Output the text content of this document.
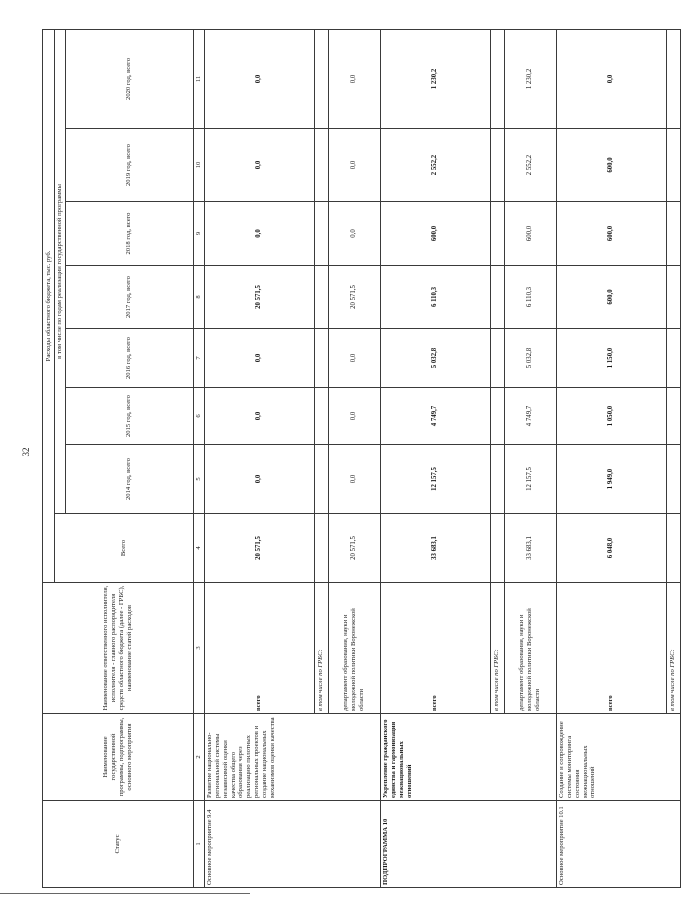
32
Статус	Наименование государственной программы, подпрограммы, основного мероприятия	Наименование ответственного исполнителя, исполнителя - главного распорядителя средств областного бюджета (далее - ГРБС), наименование статей расходов	Расходы областного бюджета, тыс. руб.							
			Всего	в том числе по годам реализации государственной программы						
				2014 год, всего	2015 год, всего	2016 год, всего	2017 год, всего	2018 год, всего	2019 год, всего	2020 год, всего
1	2	3	4	5	6	7	8	9	10	11
Основное мероприятие 9.4	Развитие национально-региональной системы независимой оценки качества общего образования через реализацию пилотных региональных проектов и создание национальных механизмов оценки качества	всего	20 571,5	0,0	0,0	0,0	20 571,5	0,0	0,0	0,0
		в том числе по ГРБС:								
		департамент образования, науки и молодежной политики Воронежской области	20 571,5	0,0	0,0	0,0	20 571,5	0,0	0,0	0,0
ПОДПРОГРАММА 10	Укрепление гражданского единства и гармонизация межнациональных отношений	всего	33 683,1	12 157,5	4 749,7	5 032,8	6 110,3	600,0	2 552,2	1 230,2
		в том числе по ГРБС:								
		департамент образования, науки и молодежной политики Воронежской области	33 683,1	12 157,5	4 749,7	5 032,8	6 110,3	600,0	2 552,2	1 230,2
Основное мероприятие 10.1	Создание и сопровождение системы мониторинга состояния межнациональных отношений	всего	6 048,0	1 949,0	1 050,0	1 150,0	600,0	600,0	600,0	0,0
		в том числе по ГРБС:								
